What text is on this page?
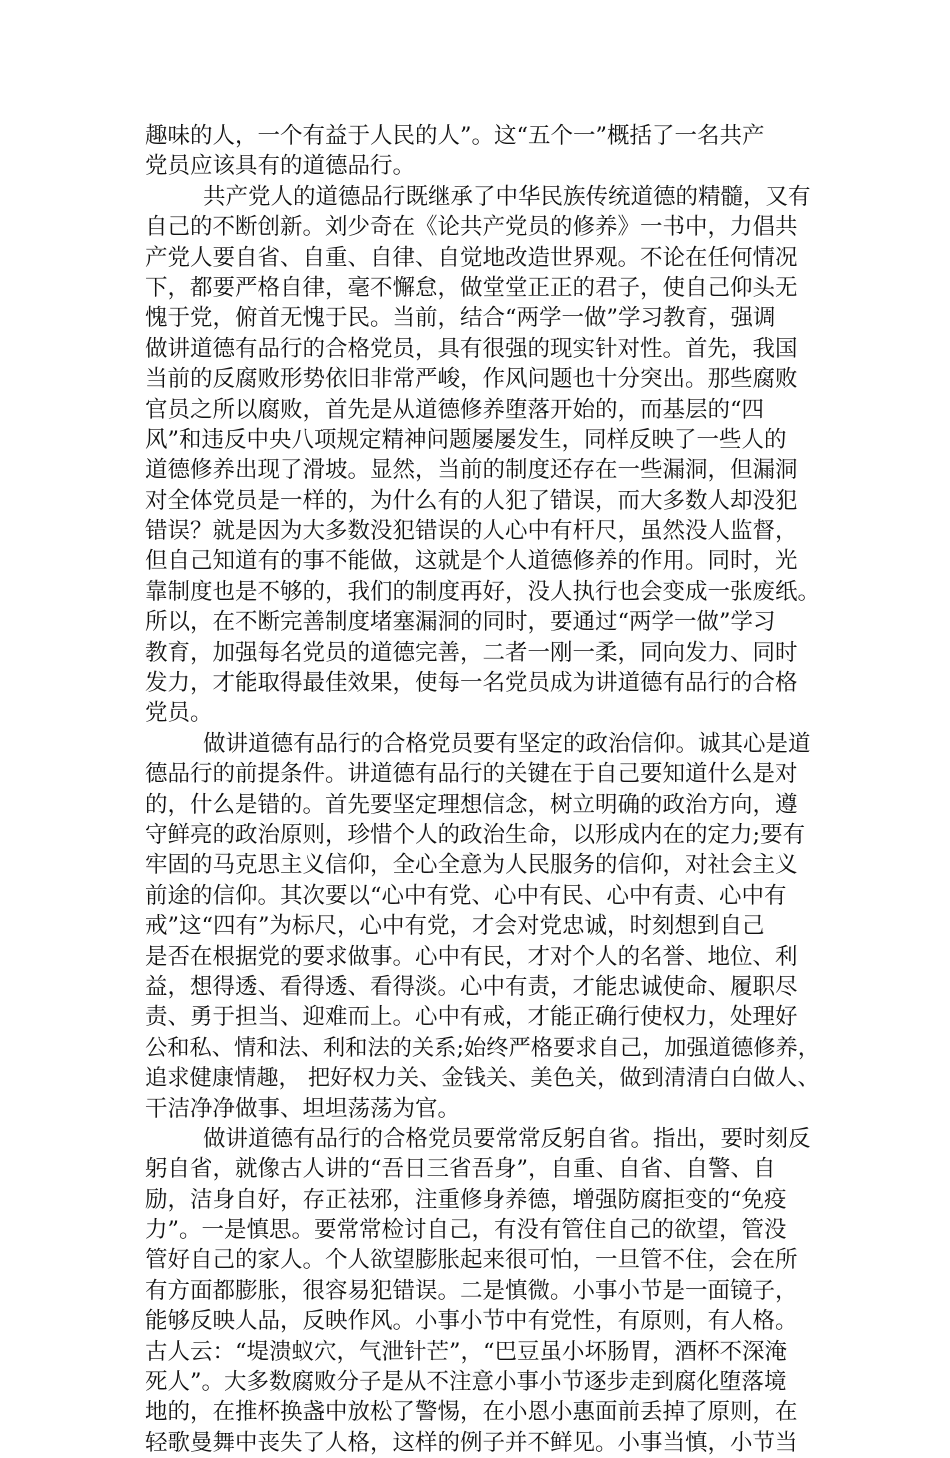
趣味的人，一个有益于人民的人”。这“五个一”概括了一名共产
党员应该具有的道德品行。
共产党人的道德品行既继承了中华民族传统道德的精髓，又有
自己的不断创新。刘少奇在《论共产党员的修养》一书中，力倡共
产党人要自省、自重、自律、自觉地改造世界观。不论在任何情况
下，都要严格自律，毫不懈怠，做堂堂正正的君子，使自己仰头无
愧于党，俯首无愧于民。当前，结合“两学一做”学习教育，强调
做讲道德有品行的合格党员，具有很强的现实针对性。首先，我国
当前的反腐败形势依旧非常严峻，作风问题也十分突出。那些腐败
官员之所以腐败，首先是从道德修养堕落开始的，而基层的“四
风”和违反中央八项规定精神问题屡屡发生，同样反映了一些人的
道德修养出现了滑坡。显然，当前的制度还存在一些漏洞，但漏洞
对全体党员是一样的，为什么有的人犯了错误，而大多数人却没犯
错误？就是因为大多数没犯错误的人心中有杆尺，虽然没人监督，
但自己知道有的事不能做，这就是个人道德修养的作用。同时，光
靠制度也是不够的，我们的制度再好，没人执行也会变成一张废纸。
所以，在不断完善制度堵塞漏洞的同时，要通过“两学一做”学习
教育，加强每名党员的道德完善，二者一刚一柔，同向发力、同时
发力，才能取得最佳效果，使每一名党员成为讲道德有品行的合格
党员。
做讲道德有品行的合格党员要有坚定的政治信仰。诚其心是道
德品行的前提条件。讲道德有品行的关键在于自己要知道什么是对
的，什么是错的。首先要坚定理想信念，树立明确的政治方向，遵
守鲜亮的政治原则，珍惜个人的政治生命，以形成内在的定力;要有
牢固的马克思主义信仰，全心全意为人民服务的信仰，对社会主义
前途的信仰。其次要以“心中有党、心中有民、心中有责、心中有
戒”这“四有”为标尺，心中有党，才会对党忠诚，时刻想到自己
是否在根据党的要求做事。心中有民，才对个人的名誉、地位、利
益，想得透、看得透、看得淡。心中有责，才能忠诚使命、履职尽
责、勇于担当、迎难而上。心中有戒，才能正确行使权力，处理好
公和私、情和法、利和法的关系;始终严格要求自己，加强道德修养，
追求健康情趣， 把好权力关、金钱关、美色关，做到清清白白做人、
干洁净净做事、坦坦荡荡为官。
做讲道德有品行的合格党员要常常反躬自省。指出，要时刻反
躬自省，就像古人讲的“吾日三省吾身”，自重、自省、自警、自
励，洁身自好，存正祛邪，注重修身养德，增强防腐拒变的“免疫
力”。一是慎思。要常常检讨自己，有没有管住自己的欲望，管没
管好自己的家人。个人欲望膨胀起来很可怕，一旦管不住，会在所
有方面都膨胀，很容易犯错误。二是慎微。小事小节是一面镜子，
能够反映人品，反映作风。小事小节中有党性，有原则，有人格。
古人云：“堤溃蚁穴，气泄针芒”，“巴豆虽小坏肠胃，酒杯不深淹
死人”。大多数腐败分子是从不注意小事小节逐步走到腐化堕落境
地的，在推杯换盏中放松了警惕，在小恩小惠面前丢掉了原则，在
轻歌曼舞中丧失了人格，这样的例子并不鲜见。小事当慎，小节当
